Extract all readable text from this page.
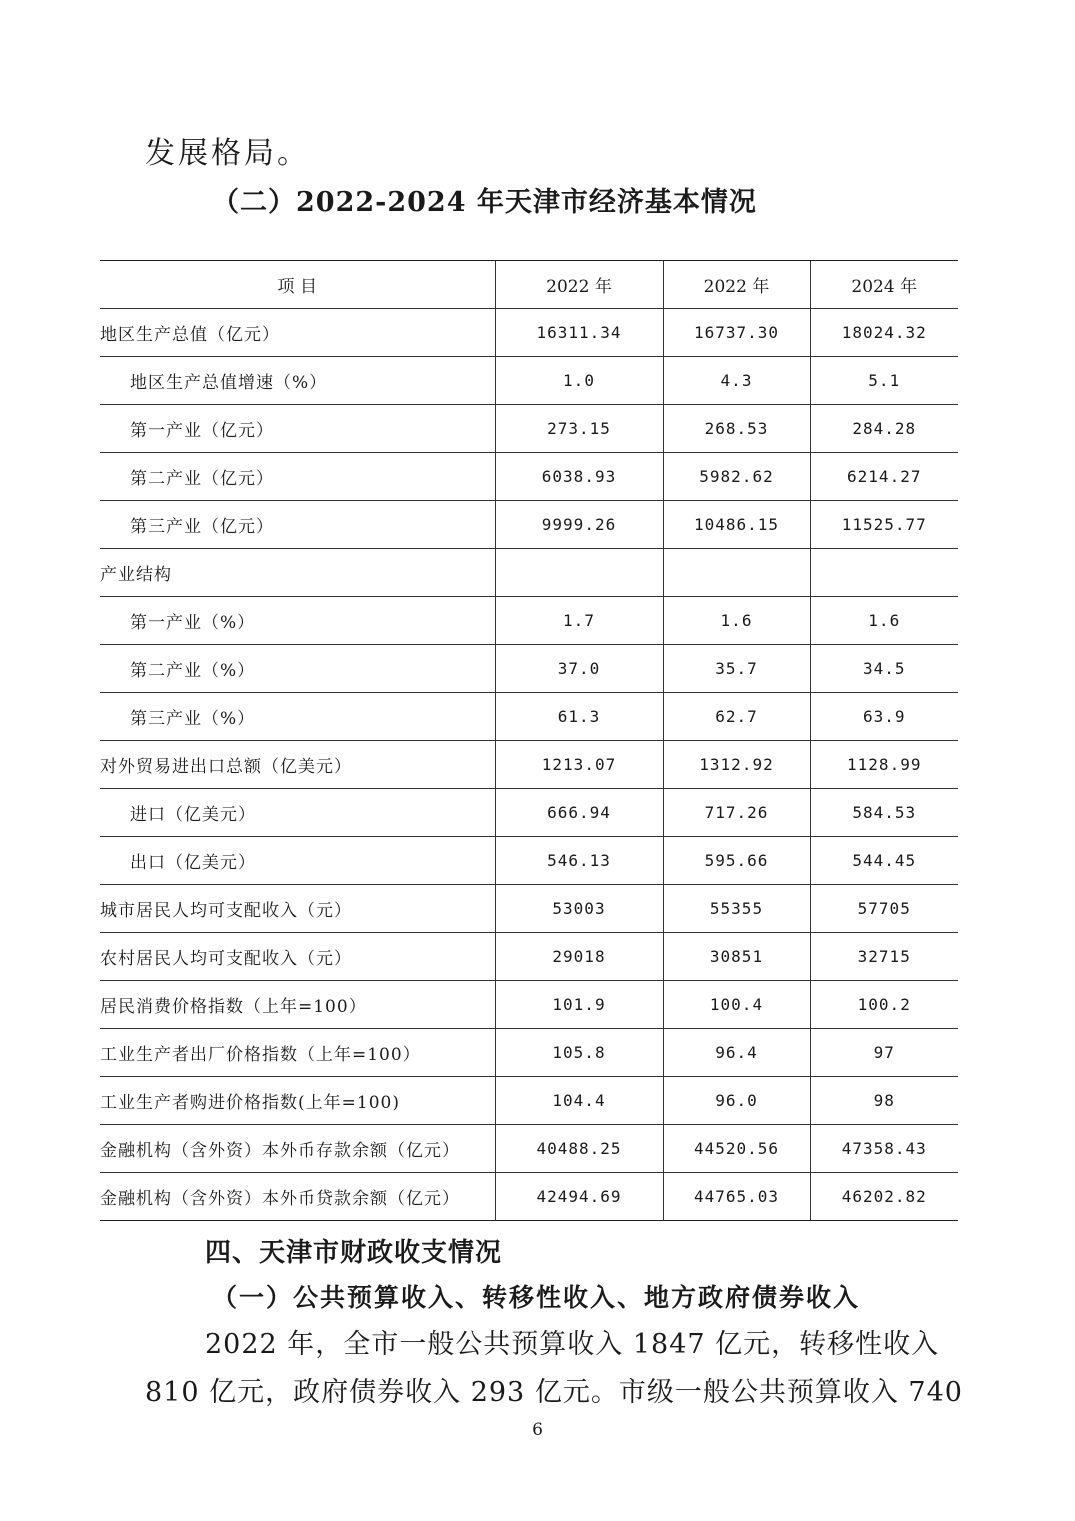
发展格局。
（二）2022-2024 年天津市经济基本情况
项 目	2022 年	2022 年	2024 年
地区生产总值（亿元）	16311.34	16737.30	18024.32
地区生产总值增速（%）	1.0	4.3	5.1
第一产业（亿元）	273.15	268.53	284.28
第二产业（亿元）	6038.93	5982.62	6214.27
第三产业（亿元）	9999.26	10486.15	11525.77
产业结构			
第一产业（%）	1.7	1.6	1.6
第二产业（%）	37.0	35.7	34.5
第三产业（%）	61.3	62.7	63.9
对外贸易进出口总额（亿美元）	1213.07	1312.92	1128.99
进口（亿美元）	666.94	717.26	584.53
出口（亿美元）	546.13	595.66	544.45
城市居民人均可支配收入（元）	53003	55355	57705
农村居民人均可支配收入（元）	29018	30851	32715
居民消费价格指数（上年=100）	101.9	100.4	100.2
工业生产者出厂价格指数（上年=100）	105.8	96.4	97
工业生产者购进价格指数(上年=100)	104.4	96.0	98
金融机构（含外资）本外币存款余额（亿元）	40488.25	44520.56	47358.43
金融机构（含外资）本外币贷款余额（亿元）	42494.69	44765.03	46202.82
四、天津市财政收支情况
（一）公共预算收入、转移性收入、地方政府债券收入
2022 年，全市一般公共预算收入 1847 亿元，转移性收入
810 亿元，政府债券收入 293 亿元。市级一般公共预算收入 740
6
